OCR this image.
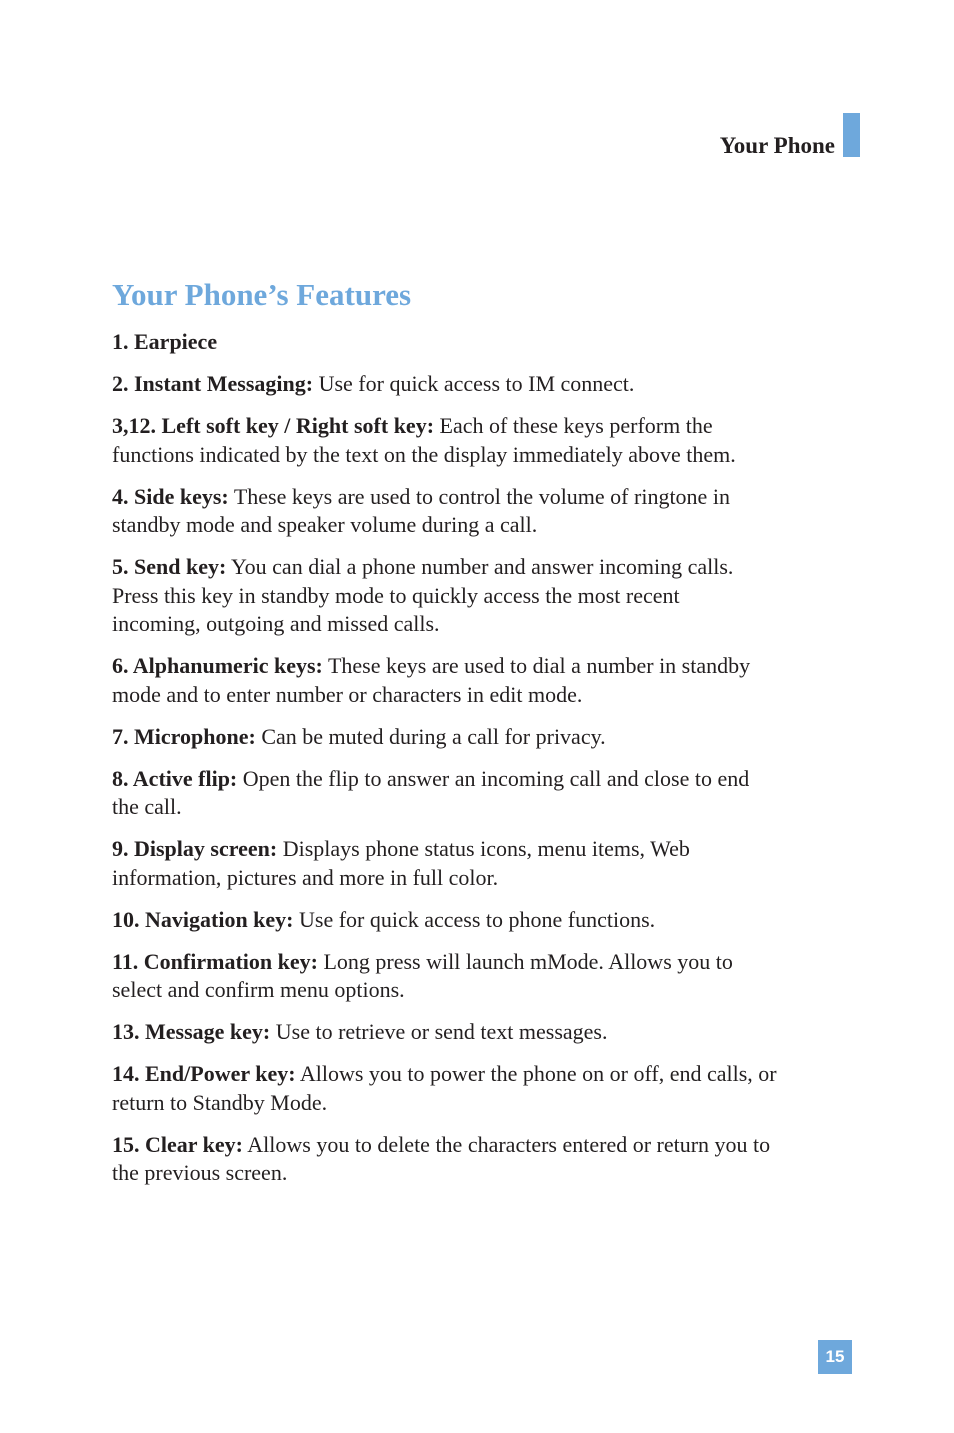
Your Phone
Your Phone’s Features
1. Earpiece
2. Instant Messaging: Use for quick access to IM connect.
3,12. Left soft key / Right soft key: Each of these keys perform the
functions indicated by the text on the display immediately above them.
4. Side keys: These keys are used to control the volume of ringtone in
standby mode and speaker volume during a call.
5. Send key: You can dial a phone number and answer incoming calls.
Press this key in standby mode to quickly access the most recent
incoming, outgoing and missed calls.
6. Alphanumeric keys: These keys are used to dial a number in standby
mode and to enter number or characters in edit mode.
7. Microphone: Can be muted during a call for privacy.
8. Active flip: Open the flip to answer an incoming call and close to end
the call.
9. Display screen: Displays phone status icons, menu items, Web
information, pictures and more in full color.
10. Navigation key: Use for quick access to phone functions.
11. Confirmation key: Long press will launch mMode. Allows you to
select and confirm menu options.
13. Message key: Use to retrieve or send text messages.
14. End/Power key: Allows you to power the phone on or off, end calls, or
return to Standby Mode.
15. Clear key: Allows you to delete the characters entered or return you to
the previous screen.
15
